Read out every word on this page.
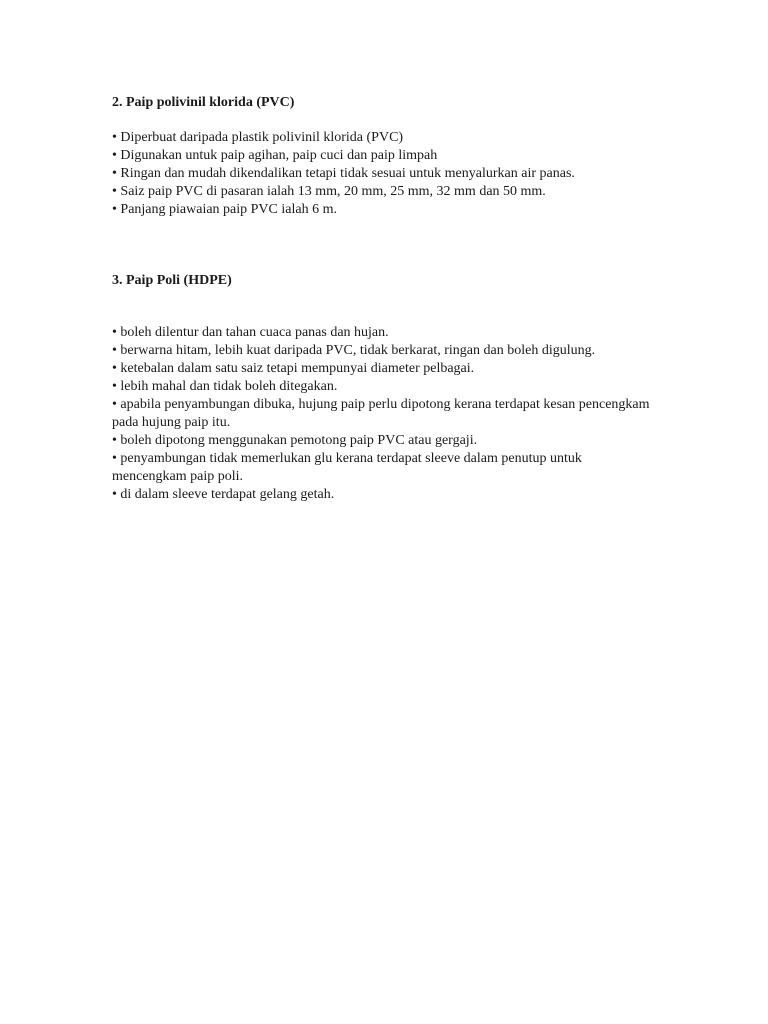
2. Paip polivinil klorida (PVC)

• Diperbuat daripada plastik polivinil klorida (PVC)
• Digunakan untuk paip agihan, paip cuci dan paip limpah
• Ringan dan mudah dikendalikan tetapi tidak sesuai untuk menyalurkan air panas.
• Saiz paip PVC di pasaran ialah 13 mm, 20 mm, 25 mm, 32 mm dan 50 mm.
• Panjang piawaian paip PVC ialah 6 m.

3. Paip Poli (HDPE)

• boleh dilentur dan tahan cuaca panas dan hujan.
• berwarna hitam, lebih kuat daripada PVC, tidak berkarat, ringan dan boleh digulung.
• ketebalan dalam satu saiz tetapi mempunyai diameter pelbagai.
• lebih mahal dan tidak boleh ditegakan.
• apabila penyambungan dibuka, hujung paip perlu dipotong kerana terdapat kesan pencengkam pada hujung paip itu.
• boleh dipotong menggunakan pemotong paip PVC atau gergaji.
• penyambungan tidak memerlukan glu kerana terdapat sleeve dalam penutup untuk mencengkam paip poli.
• di dalam sleeve terdapat gelang getah.
